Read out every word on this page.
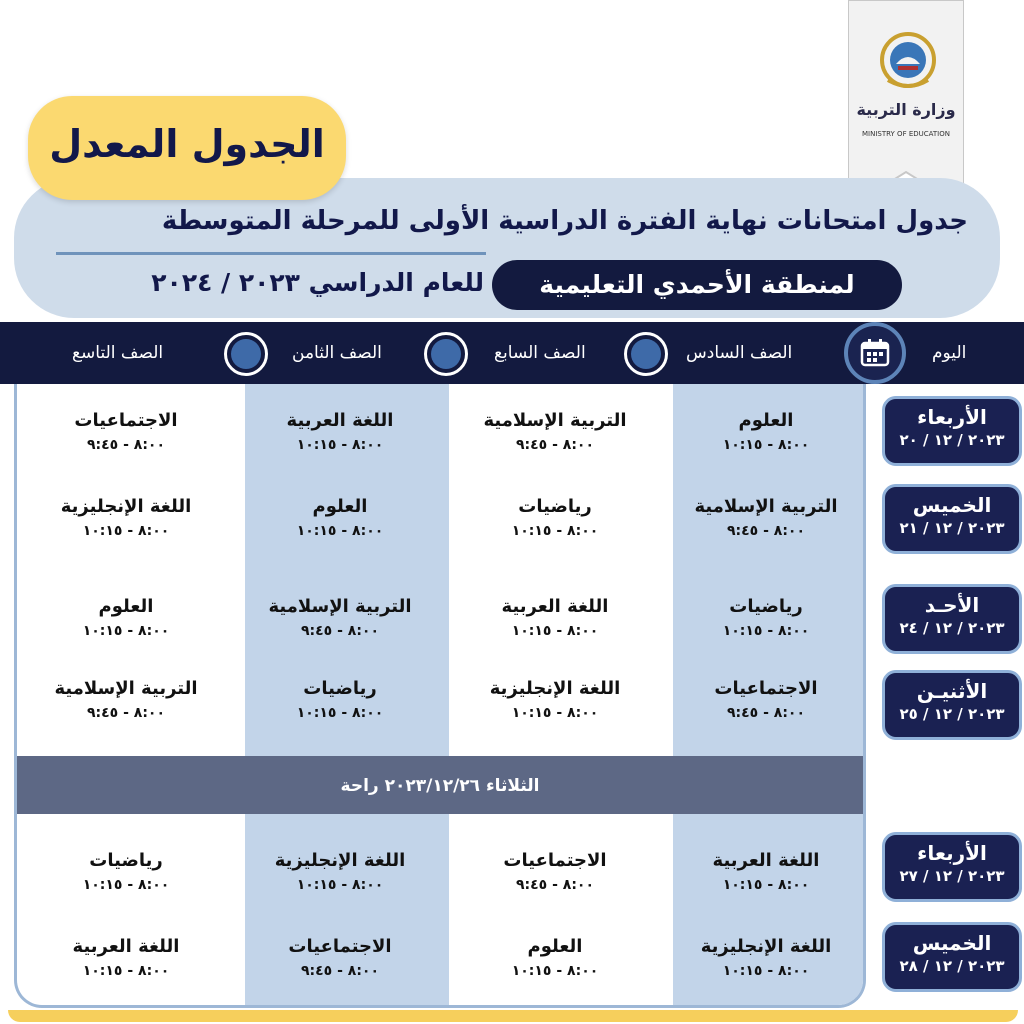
وزارة التربية
MINISTRY OF EDUCATION
الجدول المعدل
جدول امتحانات نهاية الفترة الدراسية الأولى للمرحلة المتوسطة
لمنطقة الأحمدي التعليمية
للعام الدراسي ٢٠٢٣ / ٢٠٢٤
اليوم
الصف السادس
الصف السابع
الصف الثامن
الصف التاسع
الثلاثاء ٢٠٢٣/١٢/٢٦ راحة
الأربعاء
٢٠٢٣ / ١٢ / ٢٠
الخميس
٢٠٢٣ / ١٢ / ٢١
الأحـد
٢٠٢٣ / ١٢ / ٢٤
الأثنيـن
٢٠٢٣ / ١٢ / ٢٥
الأربعاء
٢٠٢٣ / ١٢ / ٢٧
الخميس
٢٠٢٣ / ١٢ / ٢٨
العلوم
٨:٠٠ - ١٠:١٥
التربية الإسلامية
٨:٠٠ - ٩:٤٥
اللغة العربية
٨:٠٠ - ١٠:١٥
الاجتماعيات
٨:٠٠ - ٩:٤٥
التربية الإسلامية
٨:٠٠ - ٩:٤٥
رياضيات
٨:٠٠ - ١٠:١٥
العلوم
٨:٠٠ - ١٠:١٥
اللغة الإنجليزية
٨:٠٠ - ١٠:١٥
رياضيات
٨:٠٠ - ١٠:١٥
اللغة العربية
٨:٠٠ - ١٠:١٥
التربية الإسلامية
٨:٠٠ - ٩:٤٥
العلوم
٨:٠٠ - ١٠:١٥
الاجتماعيات
٨:٠٠ - ٩:٤٥
اللغة الإنجليزية
٨:٠٠ - ١٠:١٥
رياضيات
٨:٠٠ - ١٠:١٥
التربية الإسلامية
٨:٠٠ - ٩:٤٥
اللغة العربية
٨:٠٠ - ١٠:١٥
الاجتماعيات
٨:٠٠ - ٩:٤٥
اللغة الإنجليزية
٨:٠٠ - ١٠:١٥
رياضيات
٨:٠٠ - ١٠:١٥
اللغة الإنجليزية
٨:٠٠ - ١٠:١٥
العلوم
٨:٠٠ - ١٠:١٥
الاجتماعيات
٨:٠٠ - ٩:٤٥
اللغة العربية
٨:٠٠ - ١٠:١٥
